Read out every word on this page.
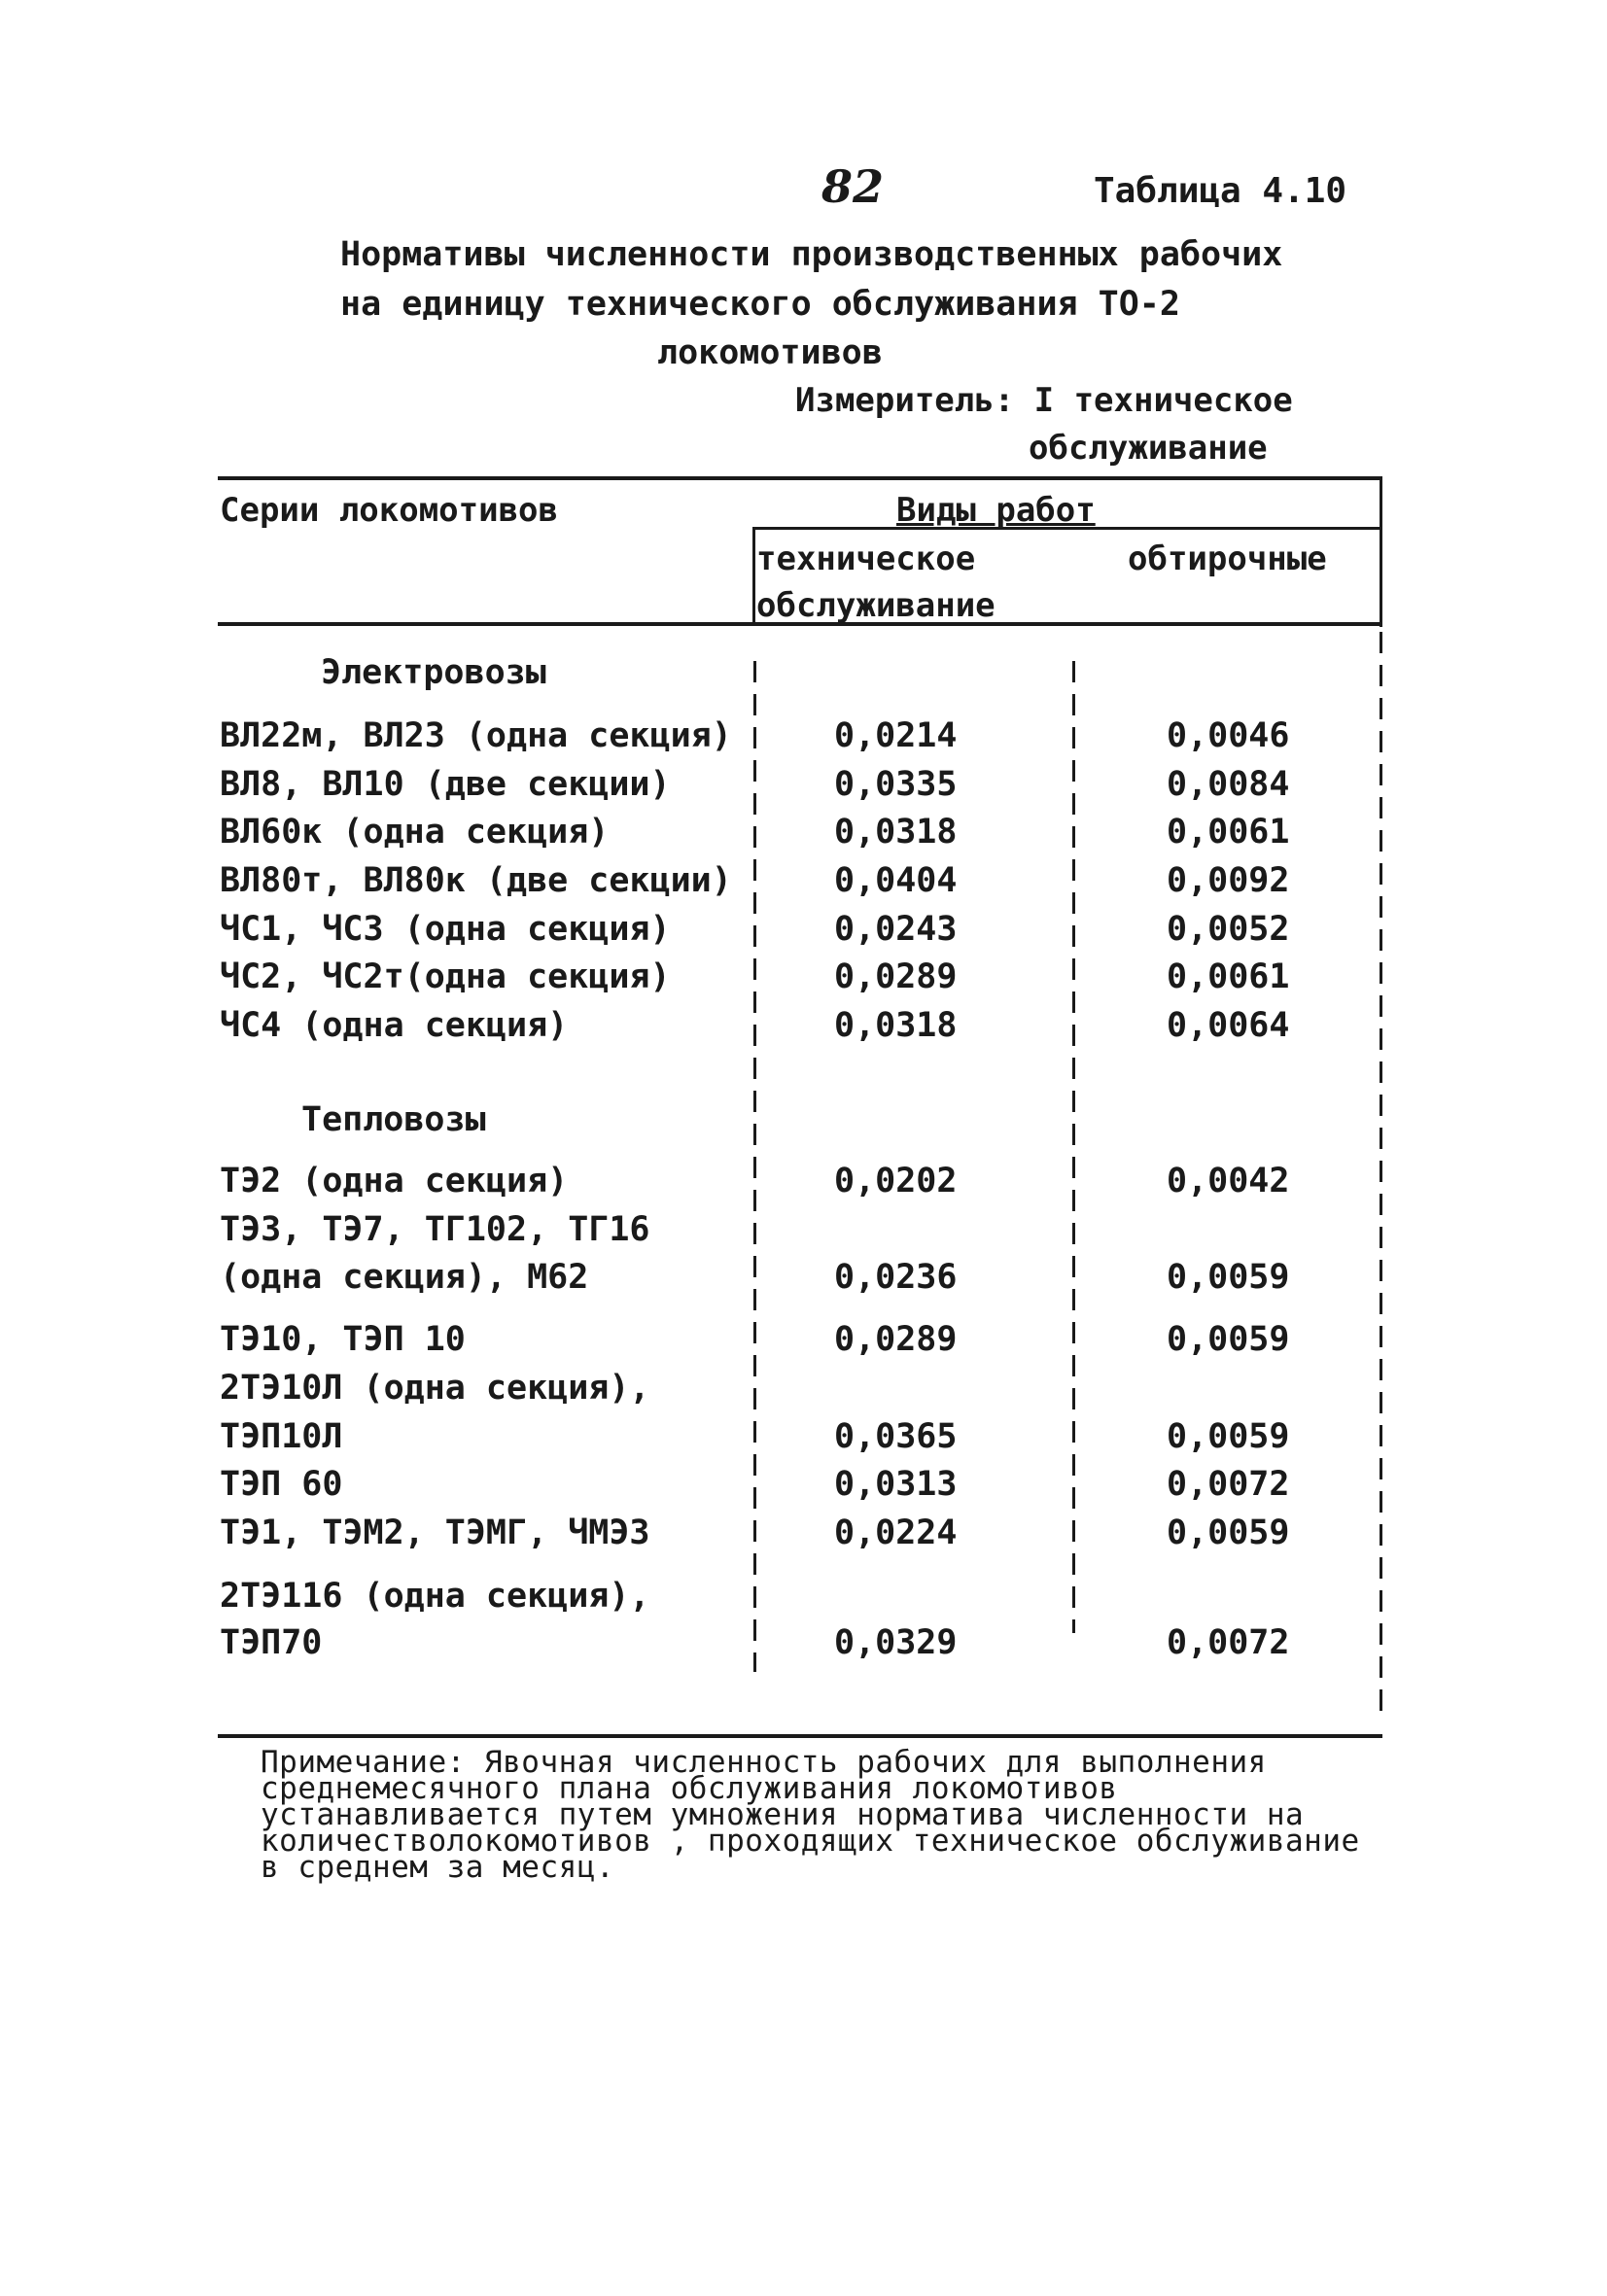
82	Таблица 4.10
Нормативы численности производственных рабочих
на единицу технического обслуживания ТО-2
локомотивов
Измеритель: I техническое
обслуживание
Серии локомотивов	Виды работ
техническое
обслуживание
обтирочные
Электровозы
ВЛ22м, ВЛ23 (одна секция)	0,0214	0,0046
ВЛ8, ВЛ10 (две секции)	0,0335	0,0084
ВЛ60к (одна секция)	0,0318	0,0061
ВЛ80т, ВЛ80к (две секции)	0,0404	0,0092
ЧС1, ЧС3 (одна секция)	0,0243	0,0052
ЧС2, ЧС2т(одна секция)	0,0289	0,0061
ЧС4 (одна секция)	0,0318	0,0064
Тепловозы
ТЭ2 (одна секция)	0,0202	0,0042
ТЭ3, ТЭ7, ТГ102, ТГ16
(одна секция), М62	0,0236	0,0059
ТЭ10, ТЭП 10	0,0289	0,0059
2ТЭ10Л (одна секция),
ТЭП10Л	0,0365	0,0059
ТЭП 60	0,0313	0,0072
ТЭ1, ТЭМ2, ТЭМГ, ЧМЭ3	0,0224	0,0059
2ТЭ116 (одна секция),
ТЭП70	0,0329	0,0072
Примечание: Явочная численность рабочих для выполнения среднемесячного плана обслуживания локомотивов устанавливается путем умножения норматива численности на количестволокомотивов , проходящих техническое обслуживание в среднем за месяц.
